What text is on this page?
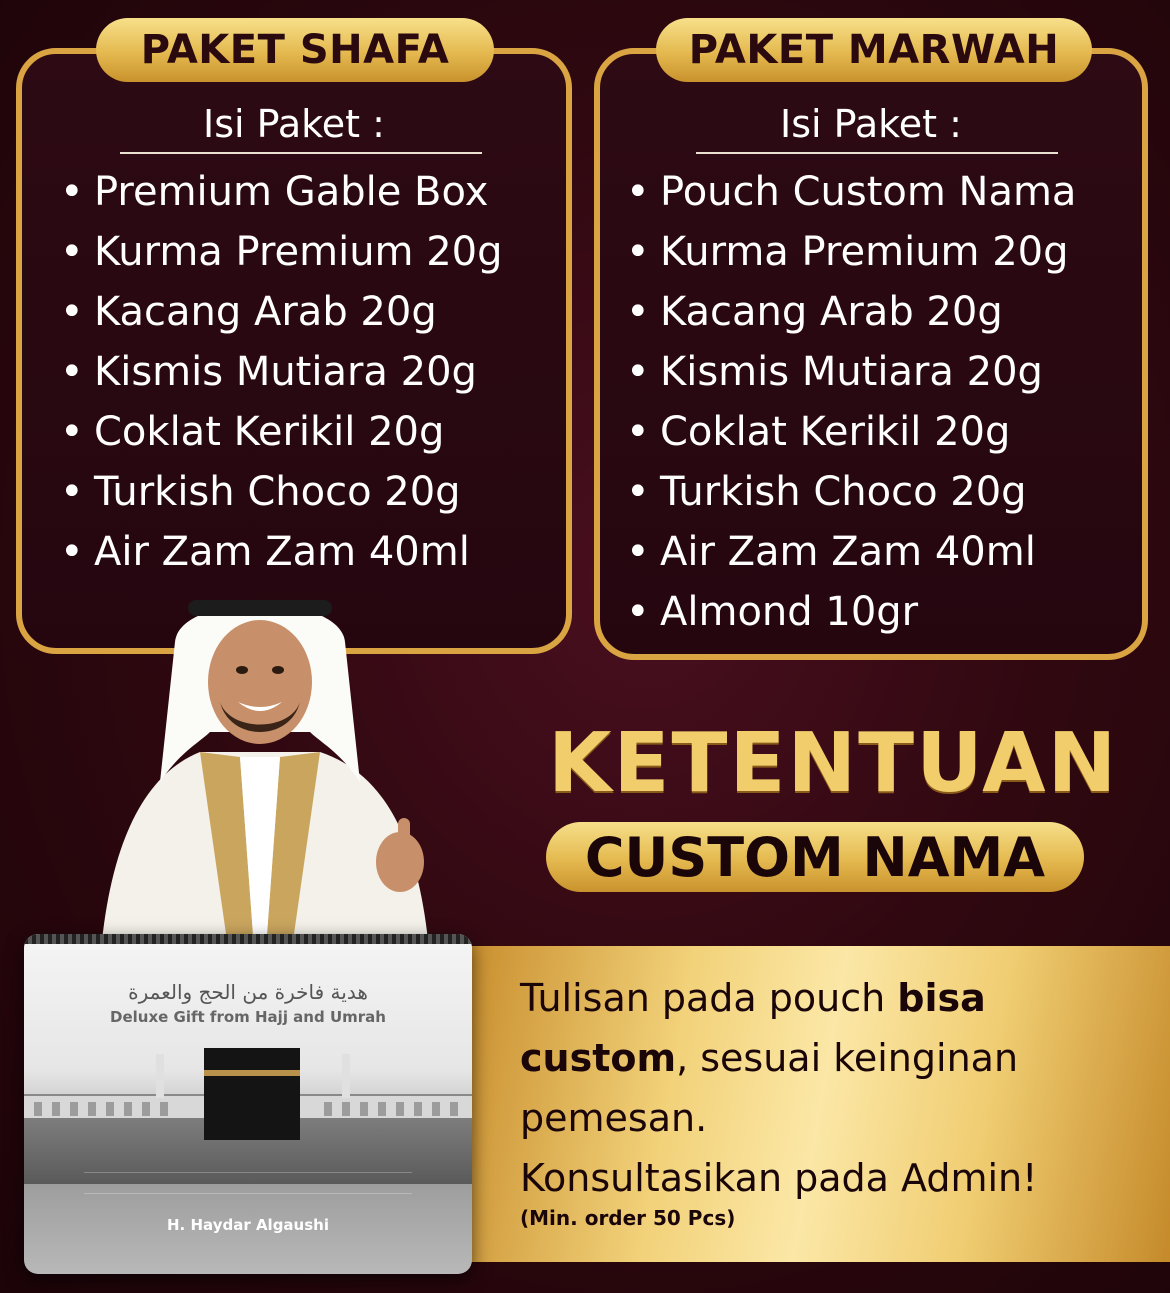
PAKET SHAFA
Isi Paket :
• Premium Gable Box
• Kurma Premium 20g
• Kacang Arab 20g
• Kismis Mutiara 20g
• Coklat Kerikil 20g
• Turkish Choco 20g
• Air Zam Zam 40ml
PAKET MARWAH
Isi Paket :
• Pouch Custom Nama
• Kurma Premium 20g
• Kacang Arab 20g
• Kismis Mutiara 20g
• Coklat Kerikil 20g
• Turkish Choco 20g
• Air Zam Zam 40ml
• Almond 10gr
KETENTUAN
CUSTOM NAMA
Tulisan pada pouch bisa
custom, sesuai keinginan
pemesan.
Konsultasikan pada Admin!
(Min. order 50 Pcs)
هدية فاخرة من الحج والعمرة
Deluxe Gift from Hajj and Umrah
H. Haydar Algaushi
